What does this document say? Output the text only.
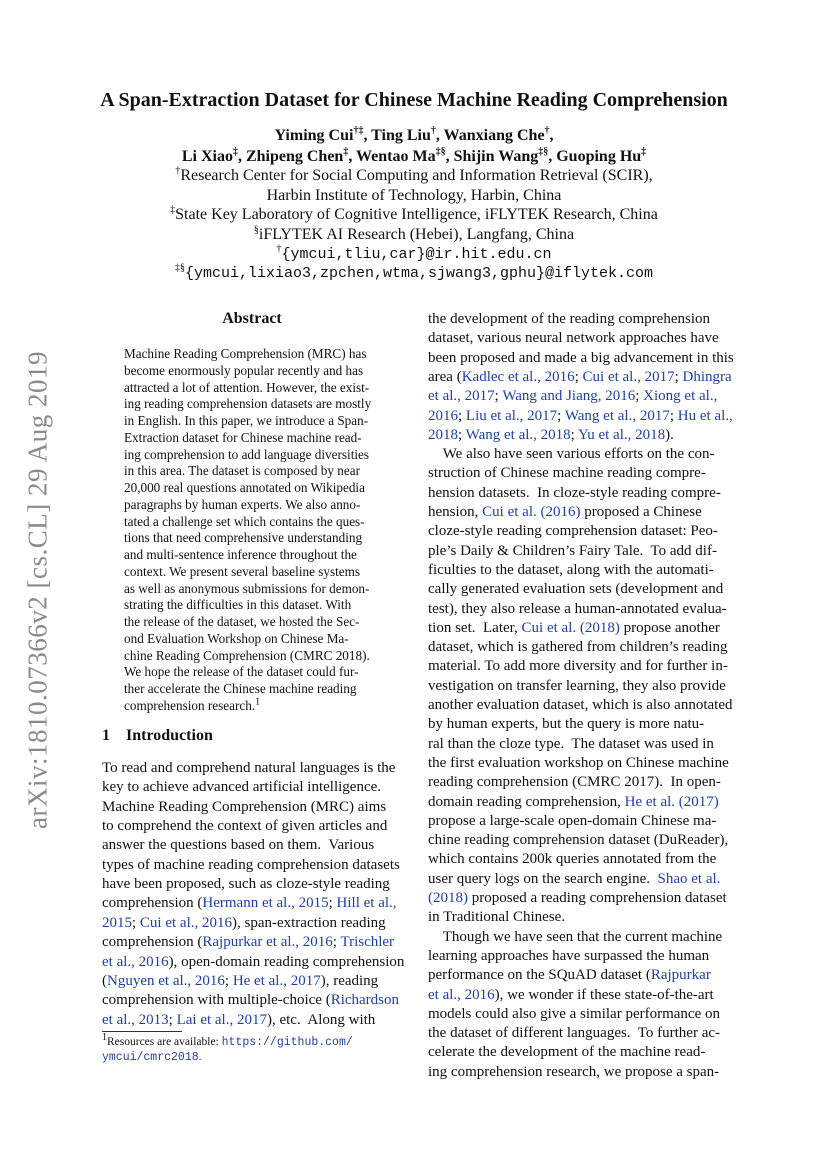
arXiv:1810.07366v2 [cs.CL] 29 Aug 2019
A Span-Extraction Dataset for Chinese Machine Reading Comprehension
Yiming Cui†‡, Ting Liu†, Wanxiang Che†,
Li Xiao‡, Zhipeng Chen‡, Wentao Ma‡§, Shijin Wang‡§, Guoping Hu‡
†Research Center for Social Computing and Information Retrieval (SCIR),
Harbin Institute of Technology, Harbin, China
‡State Key Laboratory of Cognitive Intelligence, iFLYTEK Research, China
§iFLYTEK AI Research (Hebei), Langfang, China
†{ymcui,tliu,car}@ir.hit.edu.cn
‡§{ymcui,lixiao3,zpchen,wtma,sjwang3,gphu}@iflytek.com
Abstract
Machine Reading Comprehension (MRC) has
become enormously popular recently and has
attracted a lot of attention. However, the exist-
ing reading comprehension datasets are mostly
in English. In this paper, we introduce a Span-
Extraction dataset for Chinese machine read-
ing comprehension to add language diversities
in this area. The dataset is composed by near
20,000 real questions annotated on Wikipedia
paragraphs by human experts. We also anno-
tated a challenge set which contains the ques-
tions that need comprehensive understanding
and multi-sentence inference throughout the
context. We present several baseline systems
as well as anonymous submissions for demon-
strating the difficulties in this dataset. With
the release of the dataset, we hosted the Sec-
ond Evaluation Workshop on Chinese Ma-
chine Reading Comprehension (CMRC 2018).
We hope the release of the dataset could fur-
ther accelerate the Chinese machine reading
comprehension research.$^1$
1 Introduction
To read and comprehend natural languages is the
key to achieve advanced artificial intelligence.
Machine Reading Comprehension (MRC) aims
to comprehend the context of given articles and
answer the questions based on them.  Various
types of machine reading comprehension datasets
have been proposed, such as cloze-style reading
comprehension (Hermann et al., 2015; Hill et al.,
2015; Cui et al., 2016), span-extraction reading
comprehension (Rajpurkar et al., 2016; Trischler
et al., 2016), open-domain reading comprehension
(Nguyen et al., 2016; He et al., 2017), reading
comprehension with multiple-choice (Richardson
et al., 2013; Lai et al., 2017), etc.  Along with
the development of the reading comprehension
dataset, various neural network approaches have
been proposed and made a big advancement in this
area (Kadlec et al., 2016; Cui et al., 2017; Dhingra
et al., 2017; Wang and Jiang, 2016; Xiong et al.,
2016; Liu et al., 2017; Wang et al., 2017; Hu et al.,
2018; Wang et al., 2018; Yu et al., 2018).
We also have seen various efforts on the con-
struction of Chinese machine reading compre-
hension datasets.  In cloze-style reading compre-
hension, Cui et al. (2016) proposed a Chinese
cloze-style reading comprehension dataset: Peo-
ple’s Daily & Children’s Fairy Tale.  To add dif-
ficulties to the dataset, along with the automati-
cally generated evaluation sets (development and
test), they also release a human-annotated evalua-
tion set.  Later, Cui et al. (2018) propose another
dataset, which is gathered from children’s reading
material. To add more diversity and for further in-
vestigation on transfer learning, they also provide
another evaluation dataset, which is also annotated
by human experts, but the query is more natu-
ral than the cloze type.  The dataset was used in
the first evaluation workshop on Chinese machine
reading comprehension (CMRC 2017).  In open-
domain reading comprehension, He et al. (2017)
propose a large-scale open-domain Chinese ma-
chine reading comprehension dataset (DuReader),
which contains 200k queries annotated from the
user query logs on the search engine.  Shao et al.
(2018) proposed a reading comprehension dataset
in Traditional Chinese.
Though we have seen that the current machine
learning approaches have surpassed the human
performance on the SQuAD dataset (Rajpurkar
et al., 2016), we wonder if these state-of-the-art
models could also give a similar performance on
the dataset of different languages.  To further ac-
celerate the development of the machine read-
ing comprehension research, we propose a span-
$^1$Resources are available: https://github.com/
ymcui/cmrc2018.
